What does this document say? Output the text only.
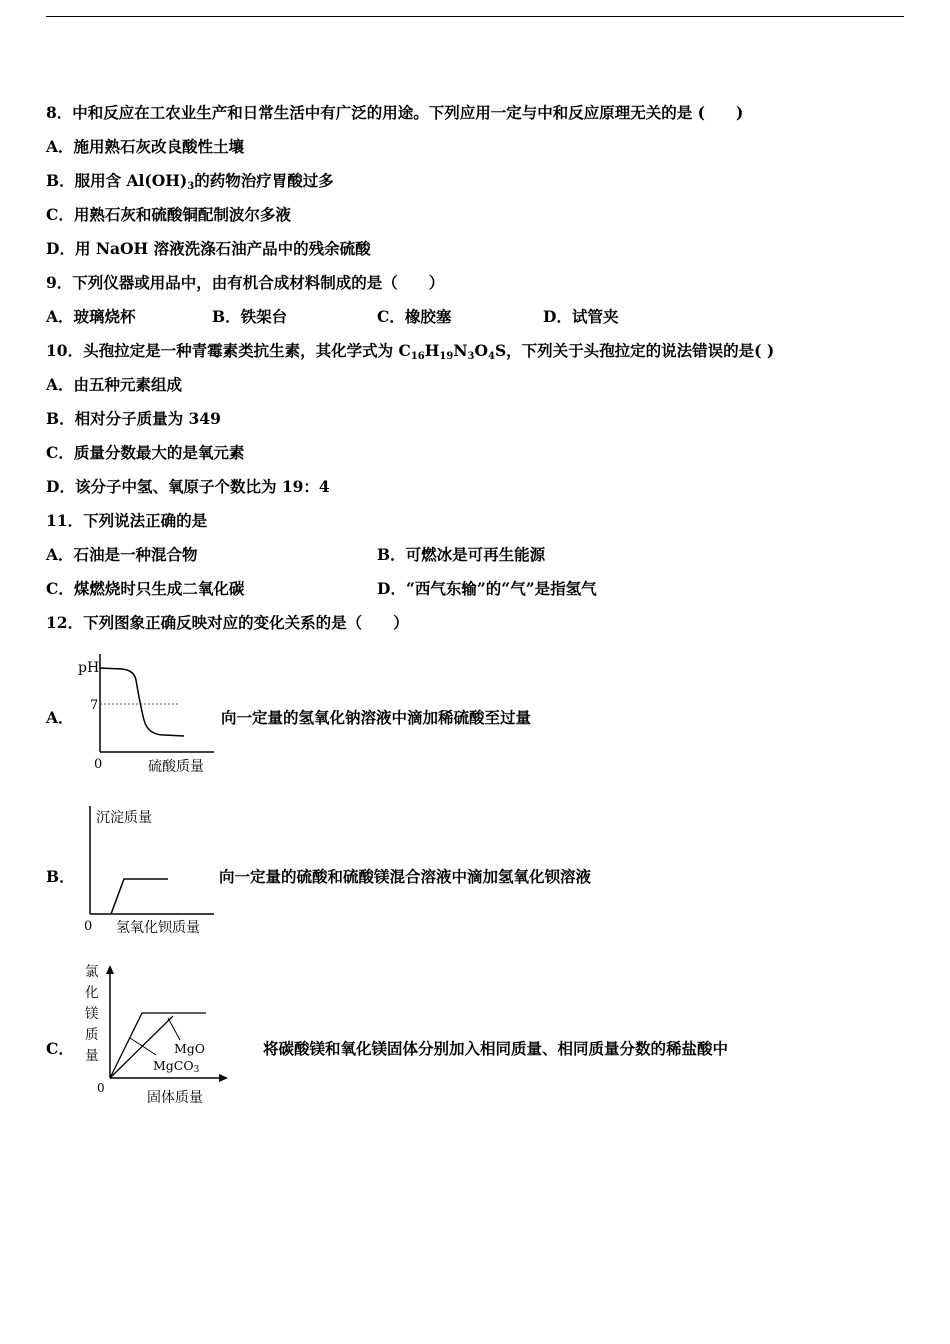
8．中和反应在工农业生产和日常生活中有广泛的用途。下列应用一定与中和反应原理无关的是 (　　)
A．施用熟石灰改良酸性土壤
B．服用含 $Al(OH)_3$的药物治疗胃酸过多
C．用熟石灰和硫酸铜配制波尔多液
D．用 NaOH 溶液洗涤石油产品中的残余硫酸
9．下列仪器或用品中，由有机合成材料制成的是（　　）
A．玻璃烧杯	B．铁架台	C．橡胶塞	D．试管夹
10．头孢拉定是一种青霉素类抗生素，其化学式为 $C_{16}H_{19}N_3O_4S$，下列关于头孢拉定的说法错误的是( )
A．由五种元素组成
B．相对分子质量为 349
C．质量分数最大的是氧元素
D．该分子中氢、氧原子个数比为 19：4
11．下列说法正确的是
A．石油是一种混合物	B．可燃冰是可再生能源
C．煤燃烧时只生成二氧化碳	D．“西气东输”的“气”是指氢气
12．下列图象正确反映对应的变化关系的是（　　）
A．
pH
7
0	硫酸质量
向一定量的氢氧化钠溶液中滴加稀硫酸至过量
B．
沉淀质量
0 氢氧化钡质量
向一定量的硫酸和硫酸镁混合溶液中滴加氢氧化钡溶液
C．
氯
化
镁
质
量	MgO
MgCO3
0
固体质量
将碳酸镁和氧化镁固体分别加入相同质量、相同质量分数的稀盐酸中
